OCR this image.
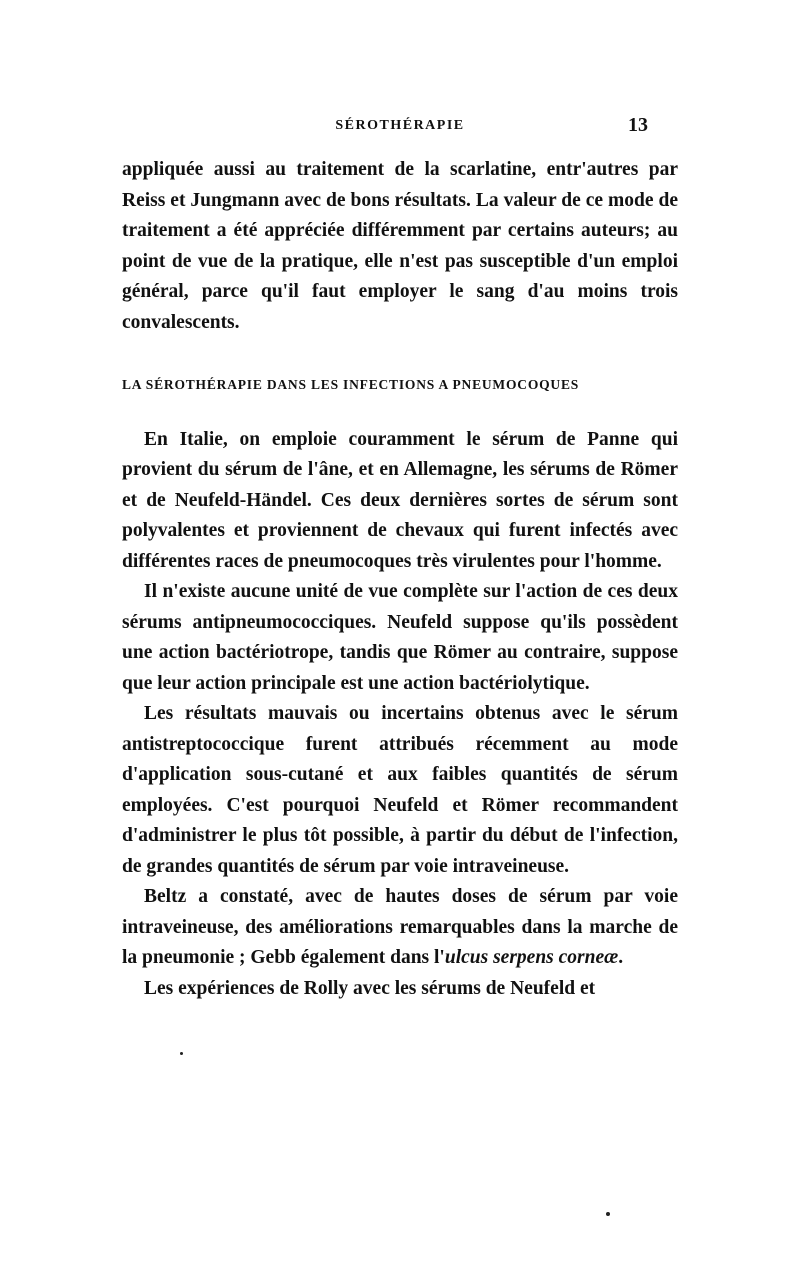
SÉROTHÉRAPIE	13

appliquée aussi au traitement de la scarlatine, entr'autres par Reiss et Jungmann avec de bons résultats. La valeur de ce mode de traitement a été appréciée différemment par certains auteurs; au point de vue de la pratique, elle n'est pas susceptible d'un emploi général, parce qu'il faut employer le sang d'au moins trois convalescents.

LA SÉROTHÉRAPIE DANS LES INFECTIONS A PNEUMOCOQUES

En Italie, on emploie couramment le sérum de Panne qui provient du sérum de l'âne, et en Allemagne, les sérums de Römer et de Neufeld-Händel. Ces deux dernières sortes de sérum sont polyvalentes et proviennent de chevaux qui furent infectés avec différentes races de pneumocoques très virulentes pour l'homme.

Il n'existe aucune unité de vue complète sur l'action de ces deux sérums antipneumococciques. Neufeld suppose qu'ils possèdent une action bactériotrope, tandis que Römer au contraire, suppose que leur action principale est une action bactériolytique.

Les résultats mauvais ou incertains obtenus avec le sérum antistreptococcique furent attribués récemment au mode d'application sous-cutané et aux faibles quantités de sérum employées. C'est pourquoi Neufeld et Römer recommandent d'administrer le plus tôt possible, à partir du début de l'infection, de grandes quantités de sérum par voie intraveineuse.

Beltz a constaté, avec de hautes doses de sérum par voie intraveineuse, des améliorations remarquables dans la marche de la pneumonie ; Gebb également dans l'ulcus serpens corneæ.

Les expériences de Rolly avec les sérums de Neufeld et
